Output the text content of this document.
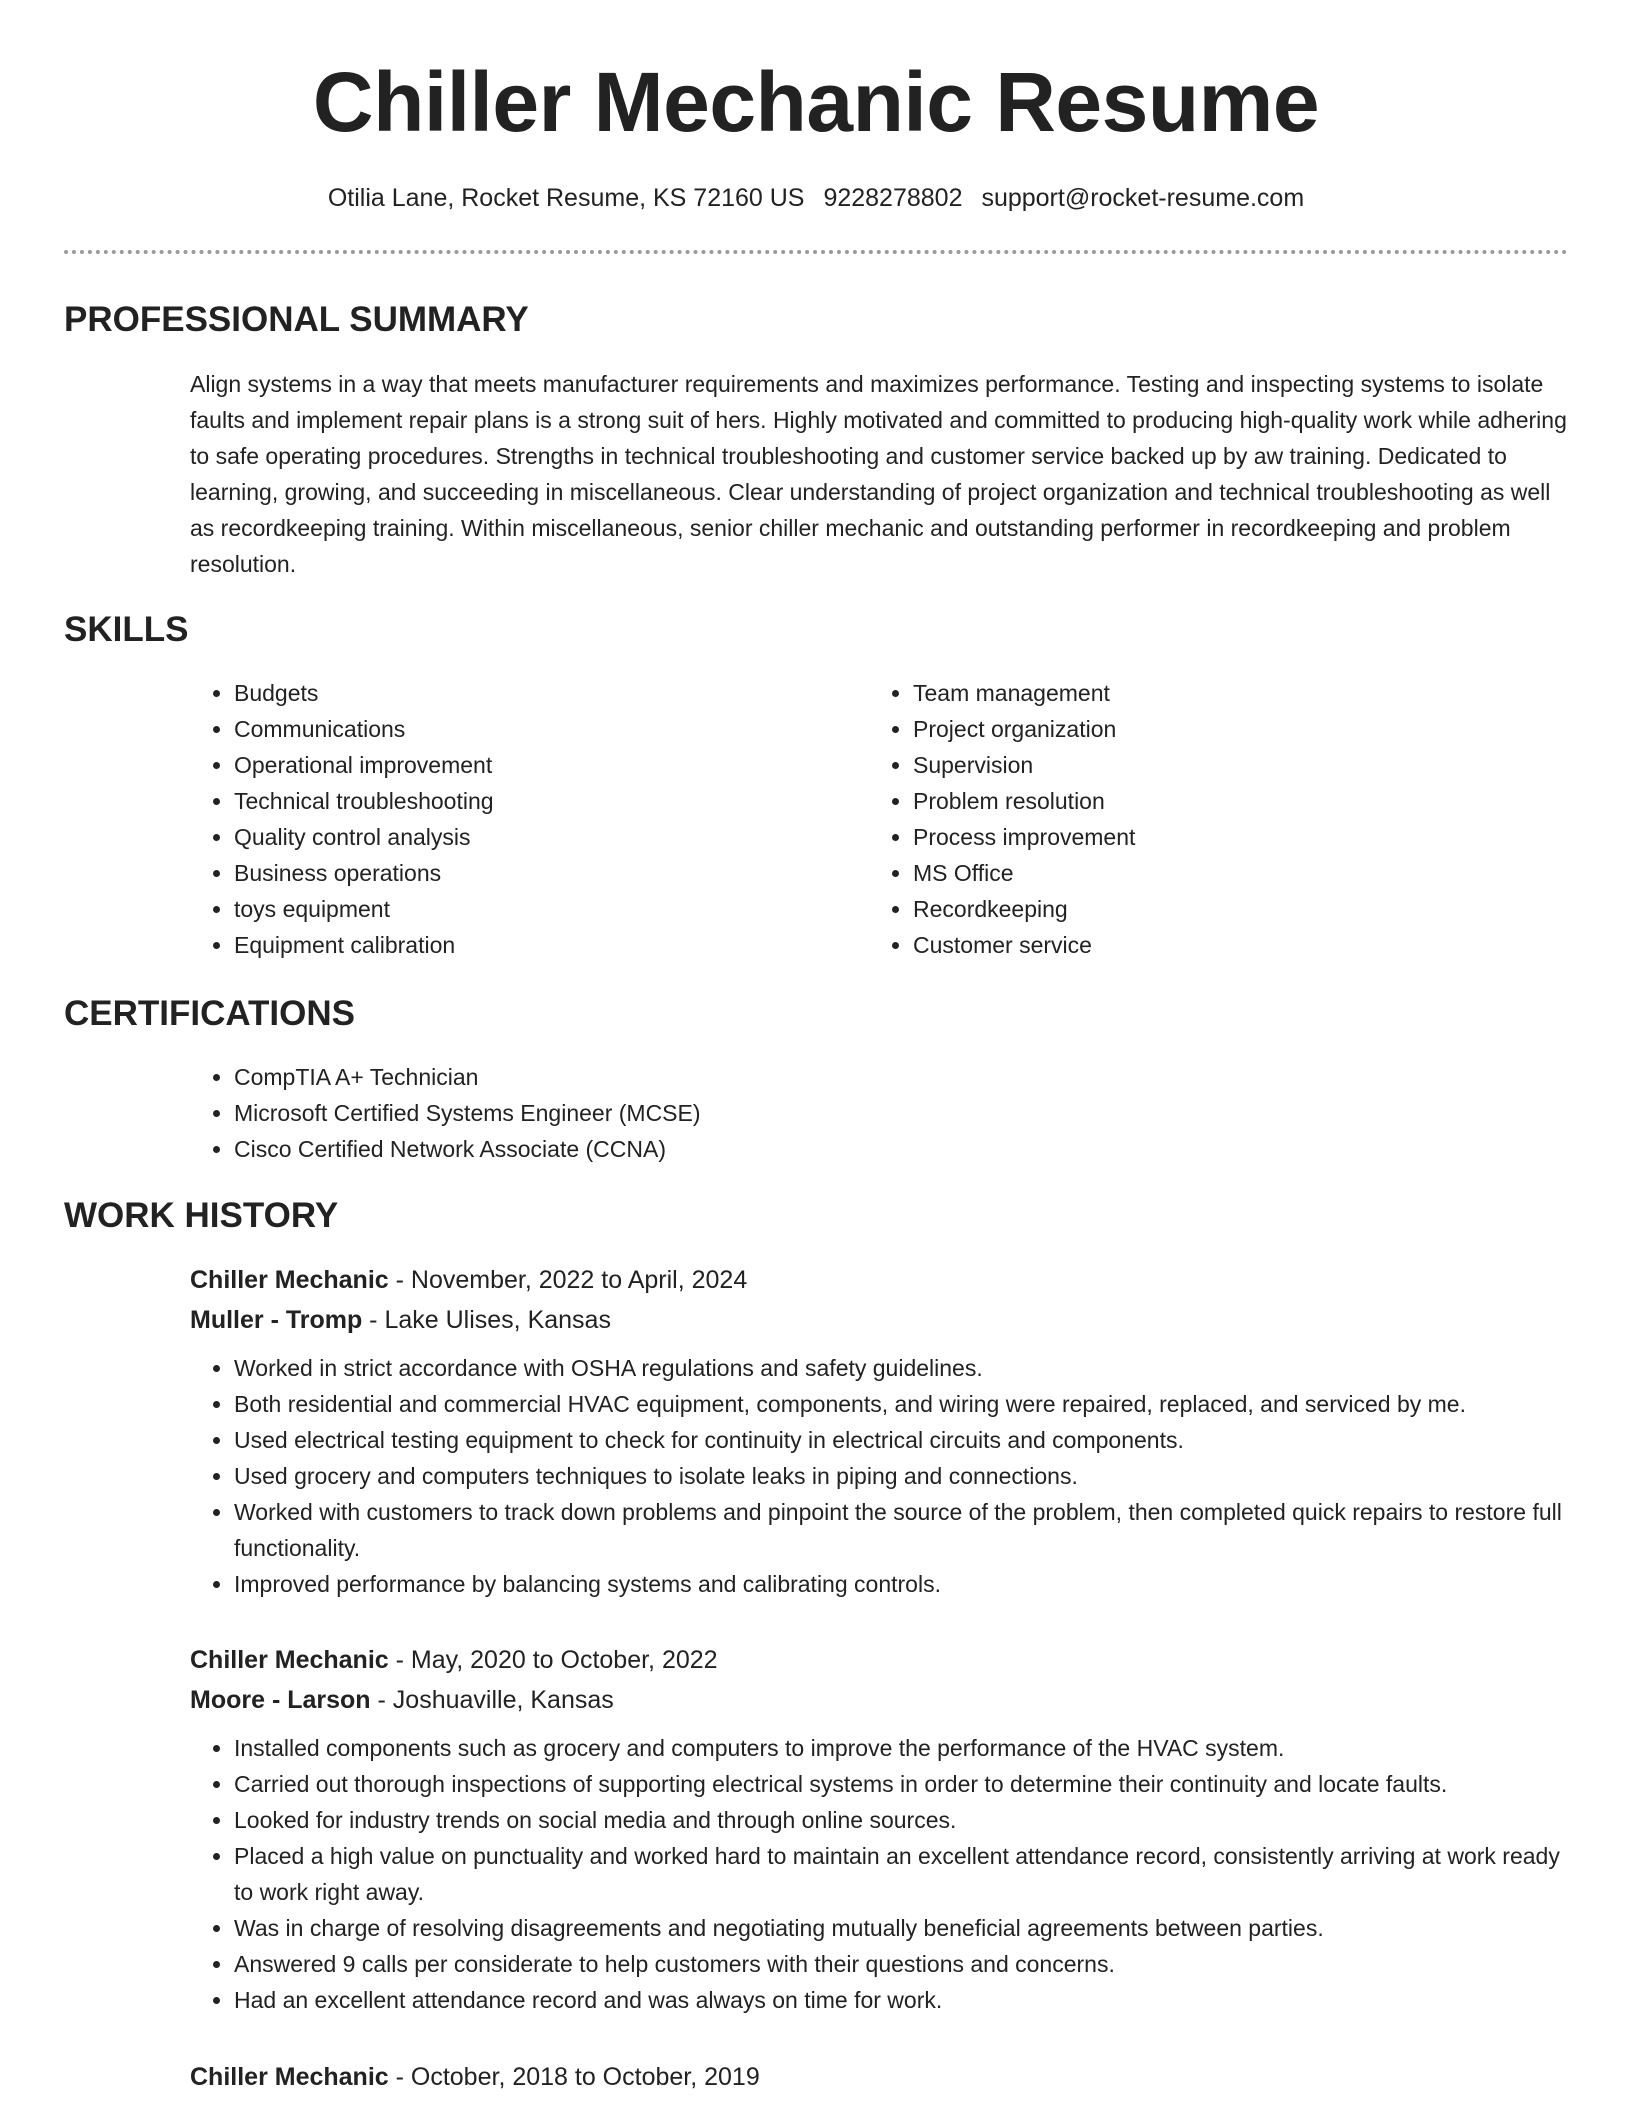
Chiller Mechanic Resume
Otilia Lane, Rocket Resume, KS 72160 US 9228278802 support@rocket-resume.com
PROFESSIONAL SUMMARY

Align systems in a way that meets manufacturer requirements and maximizes performance. Testing and inspecting systems to isolate faults and implement repair plans is a strong suit of hers. Highly motivated and committed to producing high-quality work while adhering to safe operating procedures. Strengths in technical troubleshooting and customer service backed up by aw training. Dedicated to learning, growing, and succeeding in miscellaneous. Clear understanding of project organization and technical troubleshooting as well as recordkeeping training. Within miscellaneous, senior chiller mechanic and outstanding performer in recordkeeping and problem resolution.

SKILLS
• Budgets
• Communications
• Operational improvement
• Technical troubleshooting
• Quality control analysis
• Business operations
• toys equipment
• Equipment calibration
• Team management
• Project organization
• Supervision
• Problem resolution
• Process improvement
• MS Office
• Recordkeeping
• Customer service
CERTIFICATIONS
• CompTIA A+ Technician
• Microsoft Certified Systems Engineer (MCSE)
• Cisco Certified Network Associate (CCNA)
WORK HISTORY
Chiller Mechanic - November, 2022 to April, 2024
Muller - Tromp - Lake Ulises, Kansas
• Worked in strict accordance with OSHA regulations and safety guidelines.
• Both residential and commercial HVAC equipment, components, and wiring were repaired, replaced, and serviced by me.
• Used electrical testing equipment to check for continuity in electrical circuits and components.
• Used grocery and computers techniques to isolate leaks in piping and connections.
• Worked with customers to track down problems and pinpoint the source of the problem, then completed quick repairs to restore full functionality.
• Improved performance by balancing systems and calibrating controls.
Chiller Mechanic - May, 2020 to October, 2022
Moore - Larson - Joshuaville, Kansas
• Installed components such as grocery and computers to improve the performance of the HVAC system.
• Carried out thorough inspections of supporting electrical systems in order to determine their continuity and locate faults.
• Looked for industry trends on social media and through online sources.
• Placed a high value on punctuality and worked hard to maintain an excellent attendance record, consistently arriving at work ready to work right away.
• Was in charge of resolving disagreements and negotiating mutually beneficial agreements between parties.
• Answered 9 calls per considerate to help customers with their questions and concerns.
• Had an excellent attendance record and was always on time for work.
Chiller Mechanic - October, 2018 to October, 2019
